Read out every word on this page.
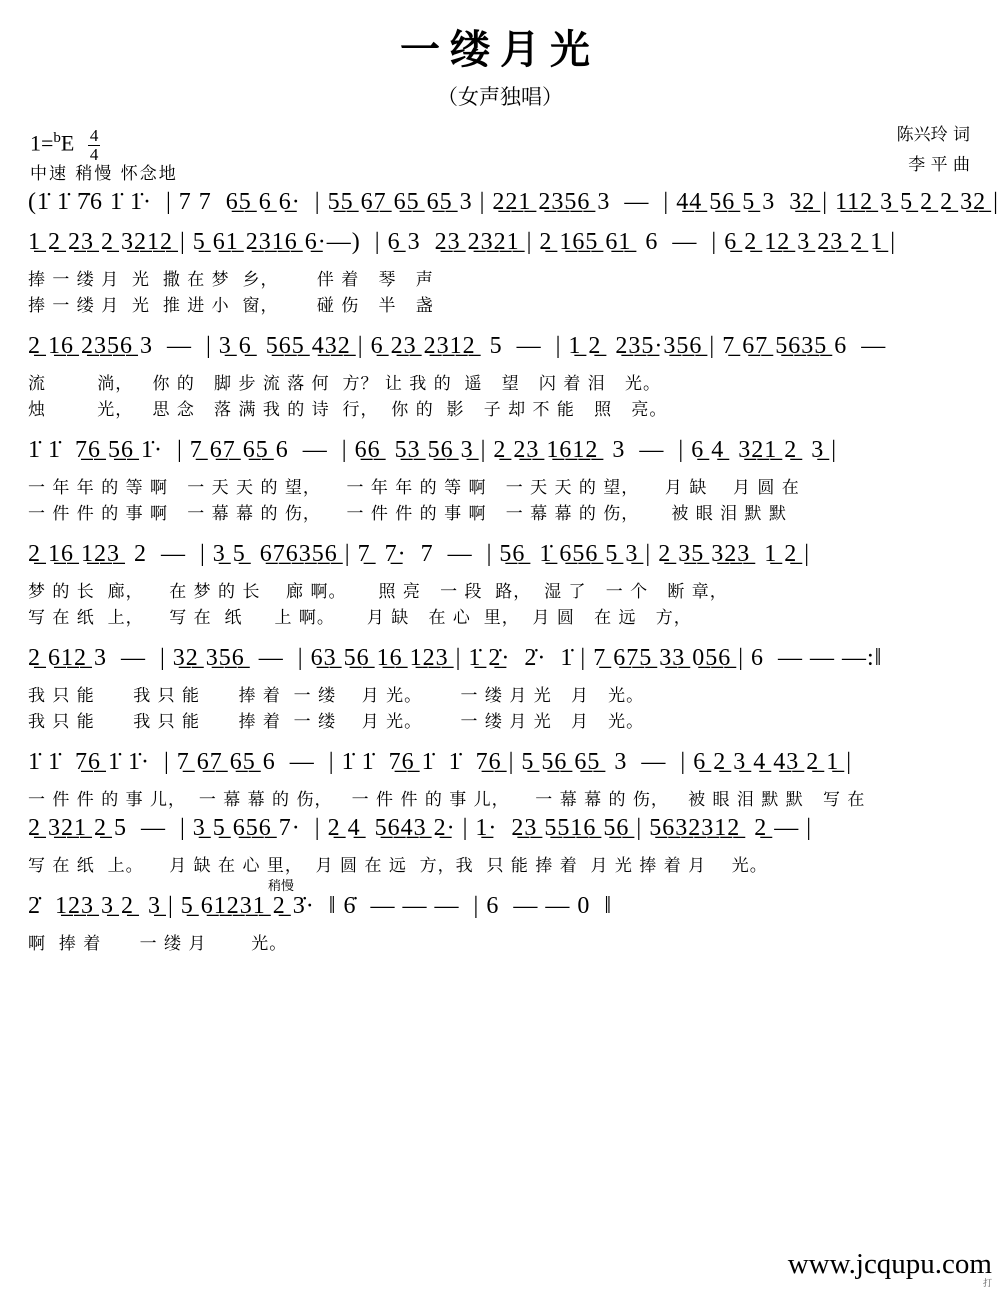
一缕月光
（女声独唱）
$1=^bE \frac{4}{4}$
中速 稍慢 怀念地
陈兴玲 词
李 平 曲
(1̇ 1̇ 7̇6 1̇ 1̇·  | 7 7  6̲5̲ 6̲ 6̲·  | 5̲5̲ 6̲7̲ 6̲5̲ 6̲5̲ 3 | 2̲2̲1̲ 2̲3̲5̲6̲ 3  —  | 4̲4̲ 5̲6̲ 5̲ 3  3̲2̲ | 1̲1̲2̲ 3̲ 5̲ 2̲ 2̲ 3̲2̲ |
1̲ 2̲ 2̲3̲ 2̲ 3̲2̲1̲2̲ | 5̲ 6̲1̲ 2̲3̲1̲6̲ 6̲·—)  | 6̲ 3  2̲3̲ 2̲3̲2̲1̲ | 2̲ 1̲6̲5̲ 6̲1̲  6  —  | 6̲ 2̲ 1̲2̲ 3̲ 2̲3̲ 2̲ 1̲ |
捧 一 缕 月  光  撒 在 梦  乡，      伴 着   琴   声
捧 一 缕 月  光  推 进 小  窗，      碰 伤   半   盏
2̲ 1̲6̲ 2̲3̲5̲6̲ 3  —  | 3̲ 6̲  5̲6̲5̲ 4̲3̲2̲ | 6̲ 2̲3̲ 2̲3̲1̲2̲  5  —  | 1̲ 2̲  2̲3̲5̲·3̲5̲6̲ | 7̲ 6̲7̲ 5̲6̲3̲5̲ 6  —
流        淌，   你 的   脚 步 流 落 何  方？ 让 我 的  遥   望   闪 着 泪   光。
烛        光，   思 念   落 满 我 的 诗  行，  你 的  影   子 却 不 能   照   亮。
1̇ 1̇  7̲6̲ 5̲6̲ 1̇·  | 7̲ 6̲7̲ 6̲5̲ 6  —  | 6̲6̲  5̲3̲ 5̲6̲ 3̲ | 2̲ 2̲3̲ 1̲6̲1̲2̲  3  —  | 6̲ 4̲  3̲2̲1̲ 2̲  3̲ |
一 年 年 的 等 啊   一 天 天 的 望，    一 年 年 的 等 啊   一 天 天 的 望，    月 缺    月 圆 在
一 件 件 的 事 啊   一 幕 幕 的 伤，    一 件 件 的 事 啊   一 幕 幕 的 伤，     被 眼 泪 默 默
2̲ 1̲6̲ 1̲2̲3̲  2  —  | 3̲ 5̲  6̲7̲6̲3̲5̲6̲ | 7̲  7̲·  7  —  | 5̲6̲  1̲̇ 6̲5̲6̲ 5̲ 3̲ | 2̲ 3̲5̲ 3̲2̲3̲  1̲ 2̲ |
梦 的 长  廊，    在 梦 的 长    廊 啊。     照 亮   一 段  路，  湿 了   一 个   断 章，
写 在 纸  上，    写 在  纸     上 啊。     月 缺   在 心  里，  月 圆   在 远   方，
2̲ 6̲1̲2̲ 3  —  | 3̲2̲ 3̲5̲6̲  —  | 6̲3̲ 5̲6̲ 1̲6̲ 1̲2̲3̲ | 1̲̇ 2̲̇·  2̇·  1̇ | 7̲ 6̲7̲5̲ 3̲3̲ 0̲5̲6̲ | 6  — — —:‖
我 只 能      我 只 能      捧 着  一 缕    月 光。      一 缕 月 光   月   光。
我 只 能      我 只 能      捧 着  一 缕    月 光。      一 缕 月 光   月   光。
1̇ 1̇  7̲6̲ 1̇ 1̇·  | 7̲ 6̲7̲ 6̲5̲ 6  —  | 1̇ 1̇  7̲6̲ 1̇  1̇  7̲6̲ | 5̲ 5̲6̲ 6̲5̲  3  —  | 6̲ 2̲ 3̲ 4̲ 4̲3̲ 2̲ 1̲ |
一 件 件 的 事 儿，  一 幕 幕 的 伤，   一 件 件 的 事 儿，    一 幕 幕 的 伤，   被 眼 泪 默 默   写 在
2̲ 3̲2̲1̲ 2̲ 5  —  | 3̲ 5̲ 6̲5̲6̲ 7·  | 2̲ 4̲  5̲6̲4̲3̲ 2̲· | 1̲·  2̲3̲ 5̲5̲1̲6̲ 5̲6̲ | 5̲6̲3̲2̲3̲1̲2̲  2̲ — |
写 在 纸  上。    月 缺 在 心 里，  月 圆 在 远  方，我  只 能 捧 着  月 光 捧 着 月    光。
稍慢
2̇  1̲2̲3̲ 3̲ 2̲  3̲ | 5̲ 6̲1̲2̲3̲1̲ 2̲ 3̇·  ‖ 6̇  — — —  | 6  — — 0  ‖
啊  捧 着      一 缕 月       光。
www.jcqupu.com
打
